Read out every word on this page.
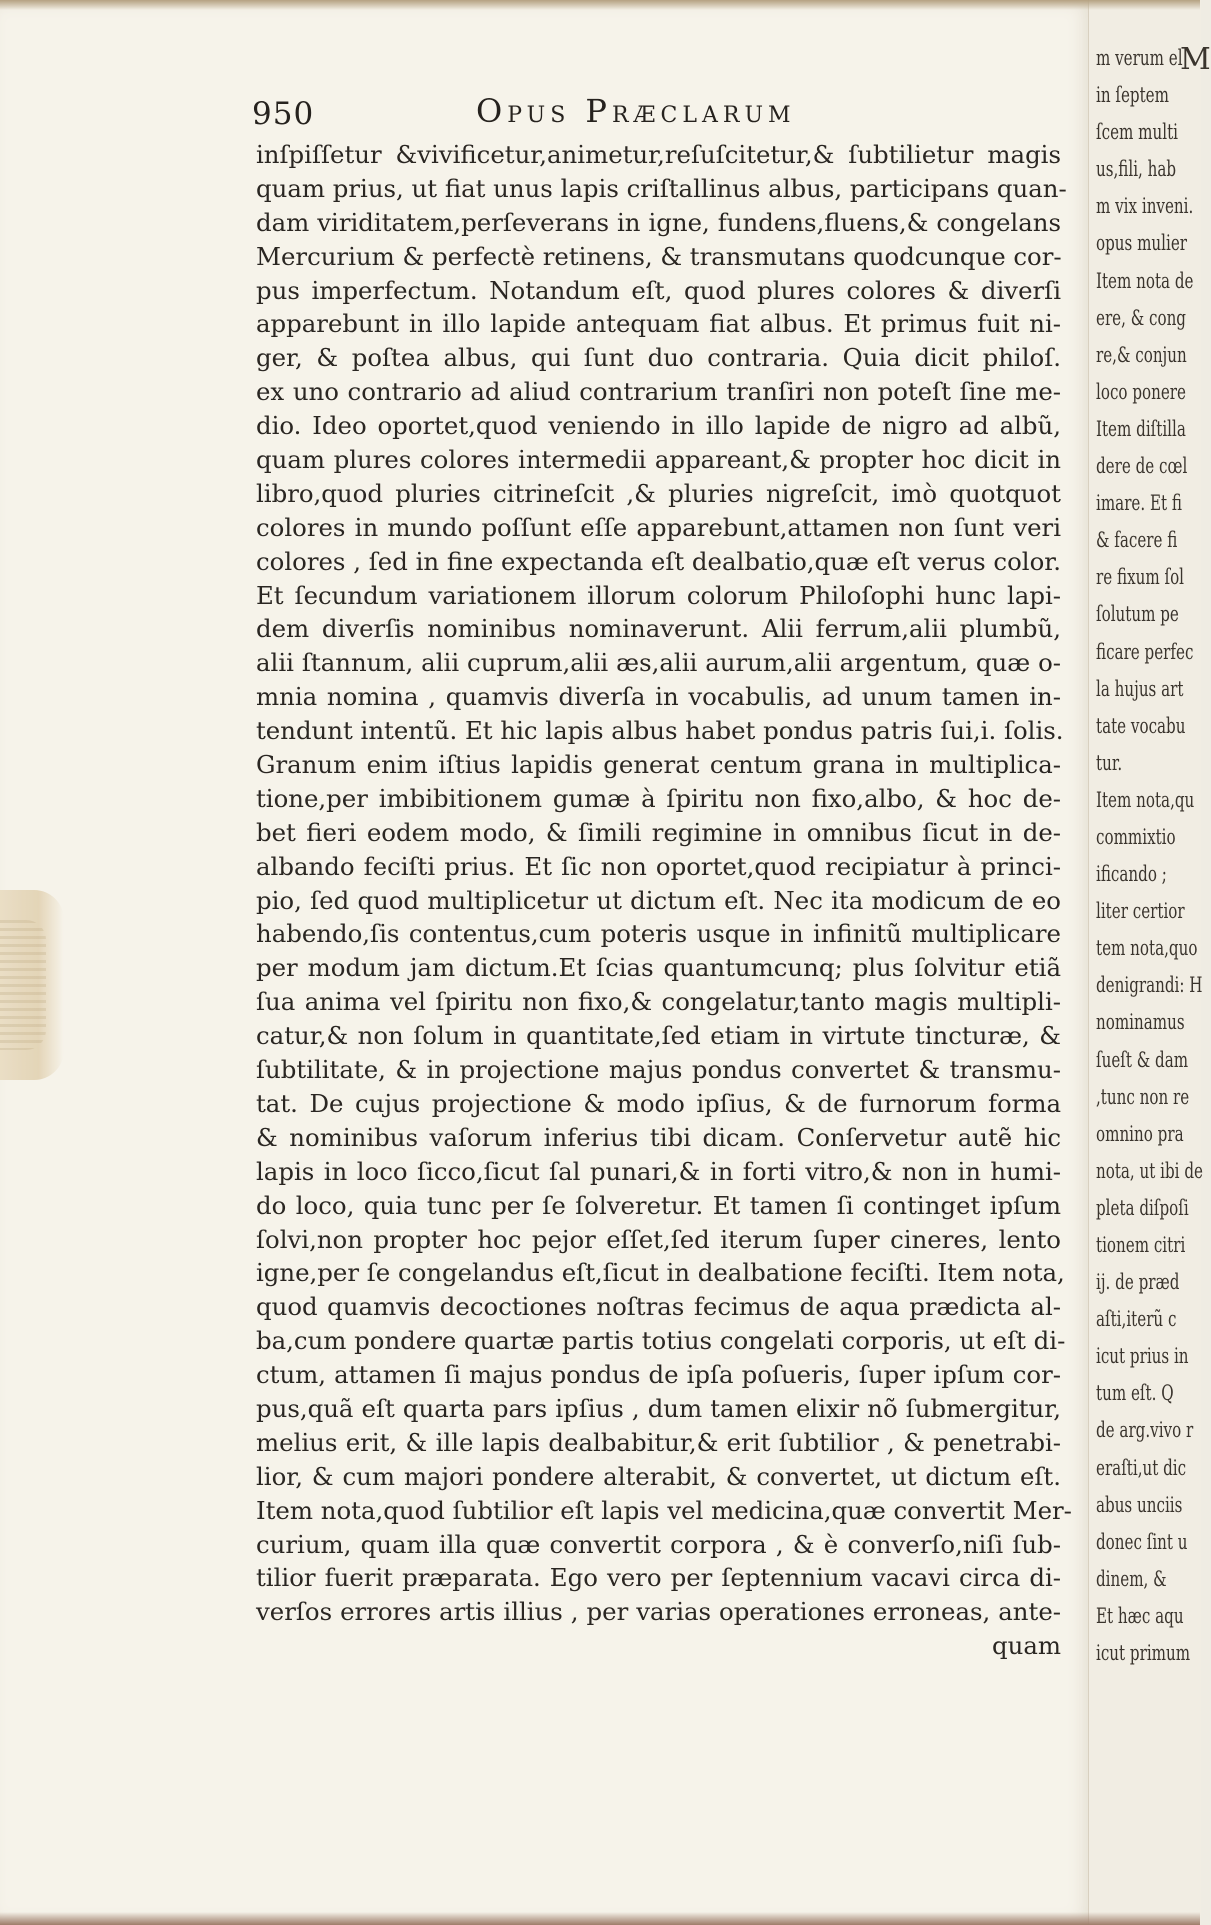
950	Opus Præclarum
inſpiſſetur &vivificetur,animetur,reſuſcitetur,& ſubtilietur magis
quam prius, ut fiat unus lapis criſtallinus albus, participans quan-
dam viriditatem,perſeverans in igne, fundens,fluens,& congelans
Mercurium & perfectè retinens, & transmutans quodcunque cor-
pus imperfectum. Notandum eſt, quod plures colores & diverſi
apparebunt in illo lapide antequam fiat albus. Et primus fuit ni-
ger, & poſtea albus, qui ſunt duo contraria. Quia dicit philoſ.
ex uno contrario ad aliud contrarium tranſiri non poteſt ſine me-
dio. Ideo oportet,quod veniendo in illo lapide de nigro ad albũ,
quam plures colores intermedii appareant,& propter hoc dicit in
libro,quod pluries citrineſcit ,& pluries nigreſcit, imò quotquot
colores in mundo poſſunt eſſe apparebunt,attamen non ſunt veri
colores , ſed in fine expectanda eſt dealbatio,quæ eſt verus color.
Et ſecundum variationem illorum colorum Philoſophi hunc lapi-
dem diverſis nominibus nominaverunt. Alii ferrum,alii plumbũ,
alii ſtannum, alii cuprum,alii æs,alii aurum,alii argentum, quæ o-
mnia nomina , quamvis diverſa in vocabulis, ad unum tamen in-
tendunt intentũ. Et hic lapis albus habet pondus patris ſui,i. ſolis.
Granum enim iſtius lapidis generat centum grana in multiplica-
tione,per imbibitionem gumæ à ſpiritu non fixo,albo, & hoc de-
bet fieri eodem modo, & ſimili regimine in omnibus ſicut in de-
albando feciſti prius. Et ſic non oportet,quod recipiatur à princi-
pio, ſed quod multiplicetur ut dictum eſt. Nec ita modicum de eo
habendo,ſis contentus,cum poteris usque in infinitũ multiplicare
per modum jam dictum.Et ſcias quantumcunq; plus ſolvitur etiã
ſua anima vel ſpiritu non fixo,& congelatur,tanto magis multipli-
catur,& non ſolum in quantitate,ſed etiam in virtute tincturæ, &
ſubtilitate, & in projectione majus pondus convertet & transmu-
tat. De cujus projectione & modo ipſius, & de furnorum forma
& nominibus vaſorum inferius tibi dicam. Conſervetur autẽ hic
lapis in loco ſicco,ſicut ſal punari,& in forti vitro,& non in humi-
do loco, quia tunc per ſe ſolveretur. Et tamen ſi continget ipſum
ſolvi,non propter hoc pejor eſſet,ſed iterum ſuper cineres, lento
igne,per ſe congelandus eſt,ſicut in dealbatione feciſti. Item nota,
quod quamvis decoctiones noſtras fecimus de aqua prædicta al-
ba,cum pondere quartæ partis totius congelati corporis, ut eſt di-
ctum, attamen ſi majus pondus de ipſa poſueris, ſuper ipſum cor-
pus,quã eſt quarta pars ipſius , dum tamen elixir nõ ſubmergitur,
melius erit, & ille lapis dealbabitur,& erit ſubtilior , & penetrabi-
lior, & cum majori pondere alterabit, & convertet, ut dictum eſt.
Item nota,quod ſubtilior eſt lapis vel medicina,quæ convertit Mer-
curium, quam illa quæ convertit corpora , & è converſo,niſi ſub-
tilior fuerit præparata. Ego vero per ſeptennium vacavi circa di-
verſos errores artis illius , per varias operationes erroneas, ante-
quam
M
m verum el
in ſeptem
ſcem multi
us,fili, hab
m vix inveni.
opus mulier
Item nota de
ere, & cong
re,& conjun
loco ponere
Item diſtilla
dere de cœl
imare. Et fi
& facere fi
re fixum ſol
ſolutum pe
ficare perfec
la hujus art
tate vocabu
tur.
Item nota,qu
commixtio
ificando ;
liter certior
tem nota,quo
denigrandi: H
nominamus
ſueſt & dam
,tunc non re
omnino pra
nota, ut ibi de
pleta diſpoſi
tionem citri
ij. de præd
aſti,iterũ c
icut prius in
tum eſt. Q
de arg.vivo r
eraſti,ut dic
abus unciis
donec ſint u
dinem, &
Et hæc aqu
icut primum
